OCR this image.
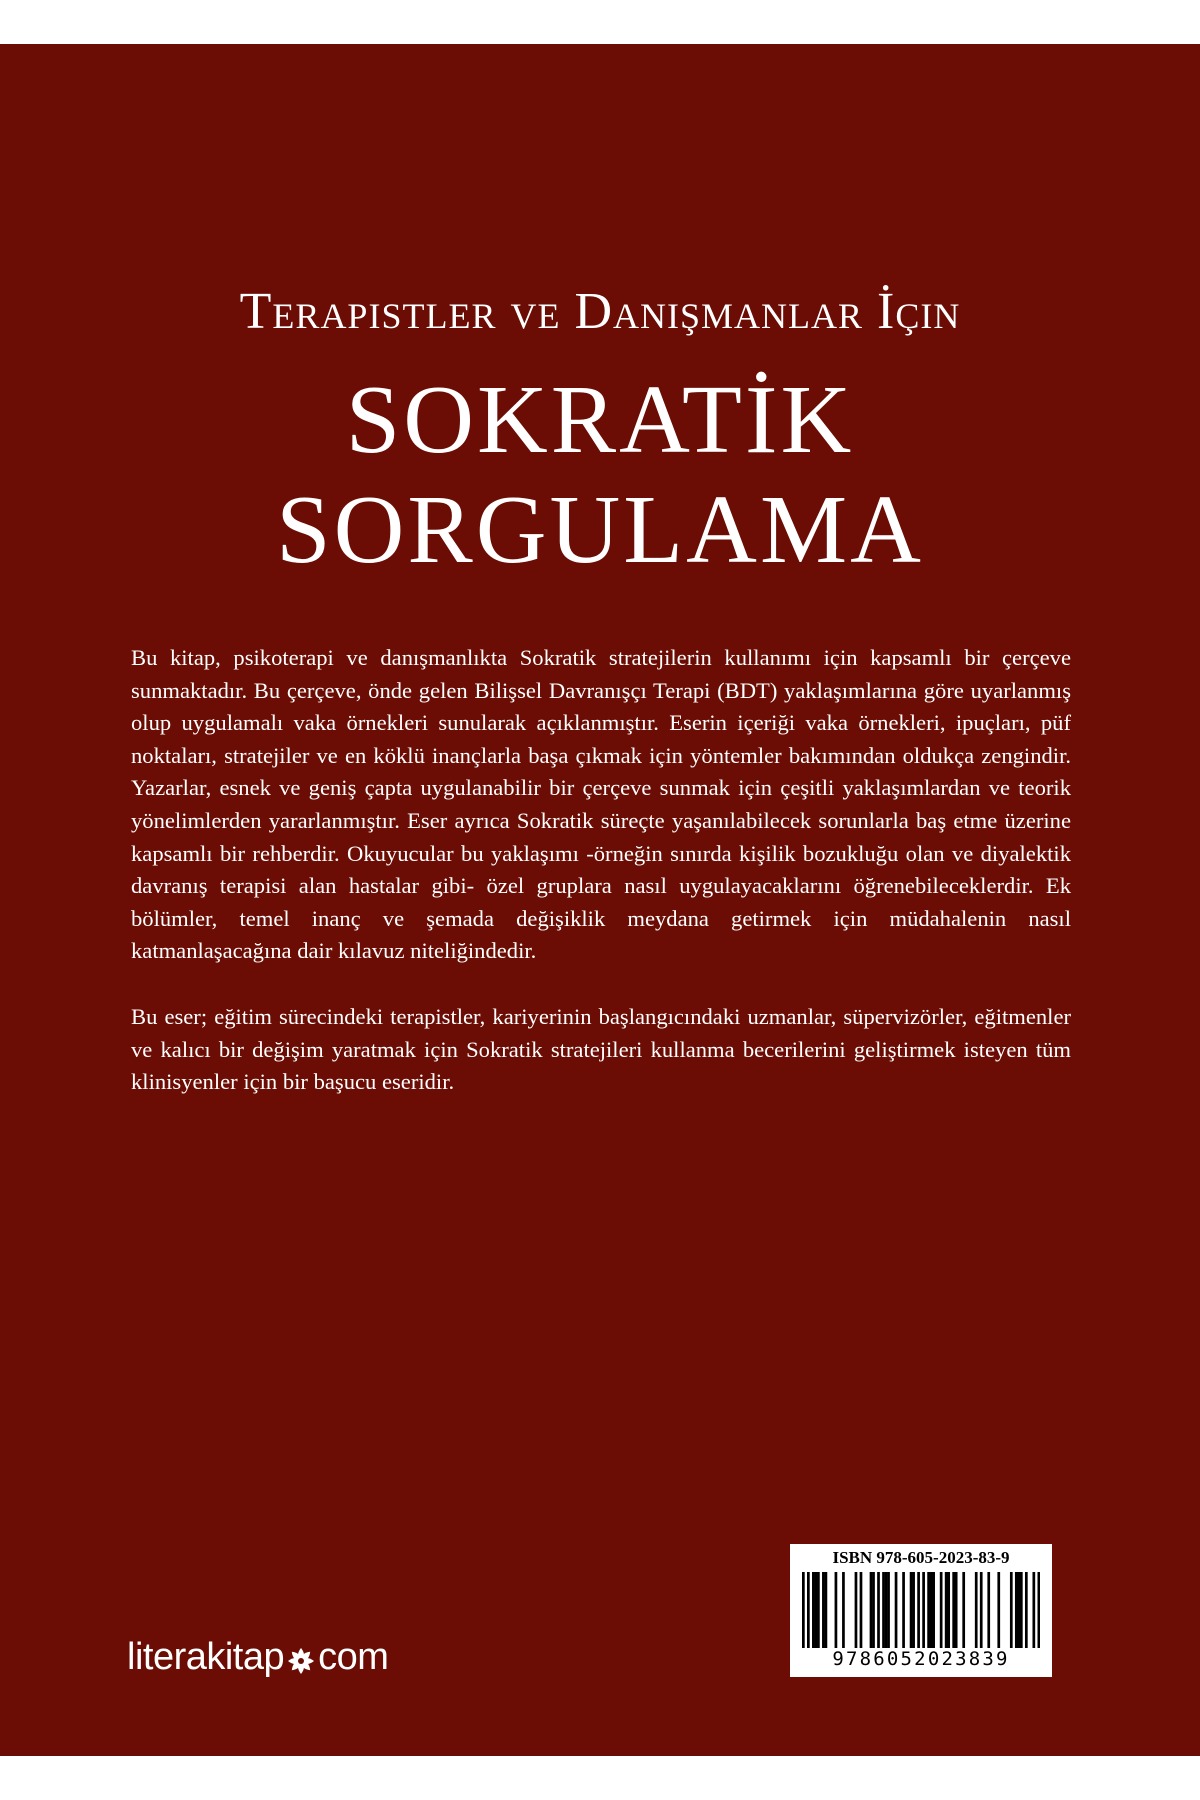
Terapistler ve Danışmanlar İçin
SOKRATİK
SORGULAMA

Bu kitap, psikoterapi ve danışmanlıkta Sokratik stratejilerin kullanımı için kapsamlı bir çerçeve sunmaktadır. Bu çerçeve, önde gelen Bilişsel Davranışçı Terapi (BDT) yaklaşımlarına göre uyarlanmış olup uygulamalı vaka örnekleri sunularak açıklanmıştır. Eserin içeriği vaka örnekleri, ipuçları, püf noktaları, stratejiler ve en köklü inançlarla başa çıkmak için yöntemler bakımından oldukça zengindir. Yazarlar, esnek ve geniş çapta uygulanabilir bir çerçeve sunmak için çeşitli yaklaşımlardan ve teorik yönelimlerden yararlanmıştır. Eser ayrıca Sokratik süreçte yaşanılabilecek sorunlarla baş etme üzerine kapsamlı bir rehberdir. Okuyucular bu yaklaşımı -örneğin sınırda kişilik bozukluğu olan ve diyalektik davranış terapisi alan hastalar gibi- özel gruplara nasıl uygulayacaklarını öğrenebileceklerdir. Ek bölümler, temel inanç ve şemada değişiklik meydana getirmek için müdahalenin nasıl katmanlaşacağına dair kılavuz niteliğindedir.

Bu eser; eğitim sürecindeki terapistler, kariyerinin başlangıcındaki uzmanlar, süpervizörler, eğitmenler ve kalıcı bir değişim yaratmak için Sokratik stratejileri kullanma becerilerini geliştirmek isteyen tüm klinisyenler için bir başucu eseridir.

literakitap com
ISBN 978-605-2023-83-9
9786052023839
